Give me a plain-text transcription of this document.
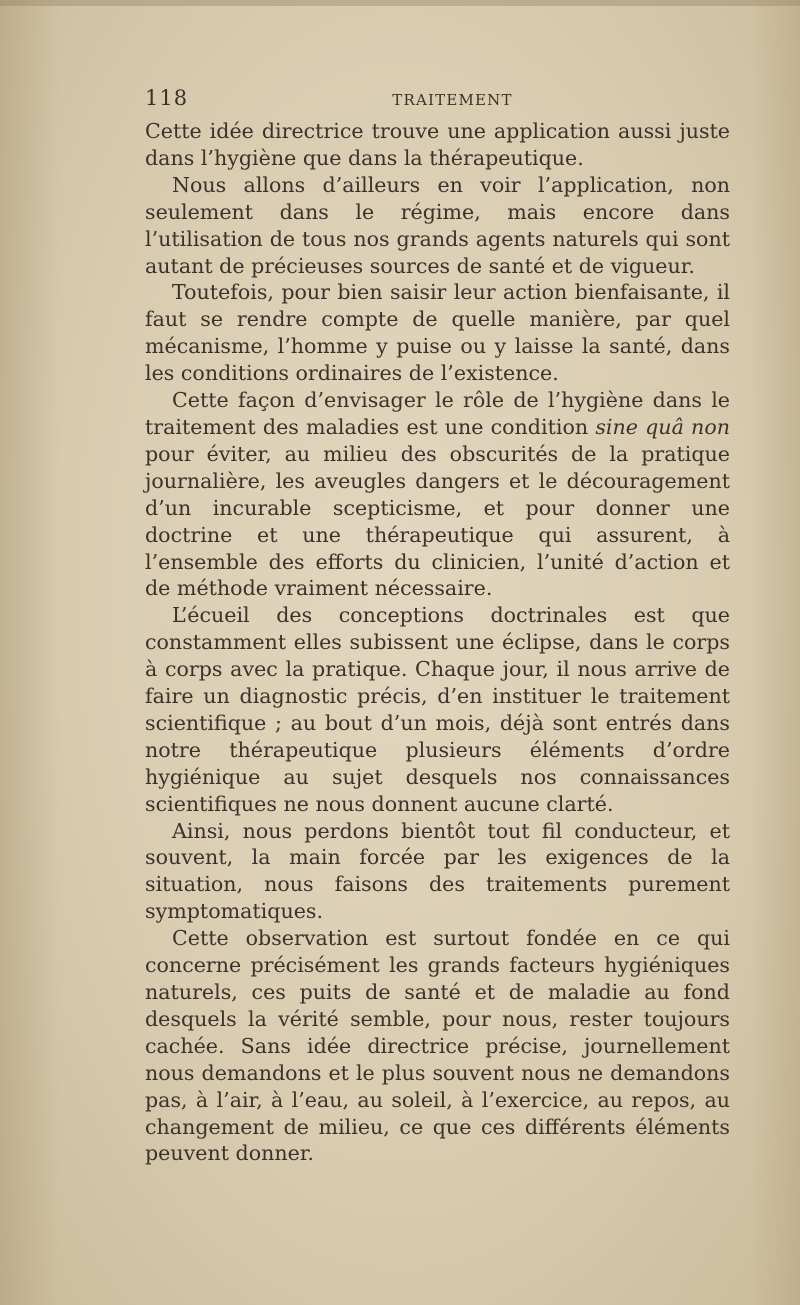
118	TRAITEMENT

Cette idée directrice trouve une application aussi juste dans l’hygiène que dans la thérapeutique.

Nous allons d’ailleurs en voir l’application, non seulement dans le régime, mais encore dans l’utilisation de tous nos grands agents naturels qui sont autant de précieuses sources de santé et de vigueur.

Toutefois, pour bien saisir leur action bienfaisante, il faut se rendre compte de quelle manière, par quel mécanisme, l’homme y puise ou y laisse la santé, dans les conditions ordinaires de l’existence.

Cette façon d’envisager le rôle de l’hygiène dans le traitement des maladies est une condition sine quâ non pour éviter, au milieu des obscurités de la pratique journalière, les aveugles dangers et le découragement d’un incurable scepticisme, et pour donner une doctrine et une thérapeutique qui assurent, à l’ensemble des efforts du clinicien, l’unité d’action et de méthode vraiment nécessaire.

L’écueil des conceptions doctrinales est que constamment elles subissent une éclipse, dans le corps à corps avec la pratique. Chaque jour, il nous arrive de faire un diagnostic précis, d’en instituer le traitement scientifique ; au bout d’un mois, déjà sont entrés dans notre thérapeutique plusieurs éléments d’ordre hygiénique au sujet desquels nos connaissances scientifiques ne nous donnent aucune clarté.

Ainsi, nous perdons bientôt tout fil conducteur, et souvent, la main forcée par les exigences de la situation, nous faisons des traitements purement symptomatiques.

Cette observation est surtout fondée en ce qui concerne précisément les grands facteurs hygiéniques naturels, ces puits de santé et de maladie au fond desquels la vérité semble, pour nous, rester toujours cachée. Sans idée directrice précise, journellement nous demandons et le plus souvent nous ne demandons pas, à l’air, à l’eau, au soleil, à l’exercice, au repos, au changement de milieu, ce que ces différents éléments peuvent donner.
